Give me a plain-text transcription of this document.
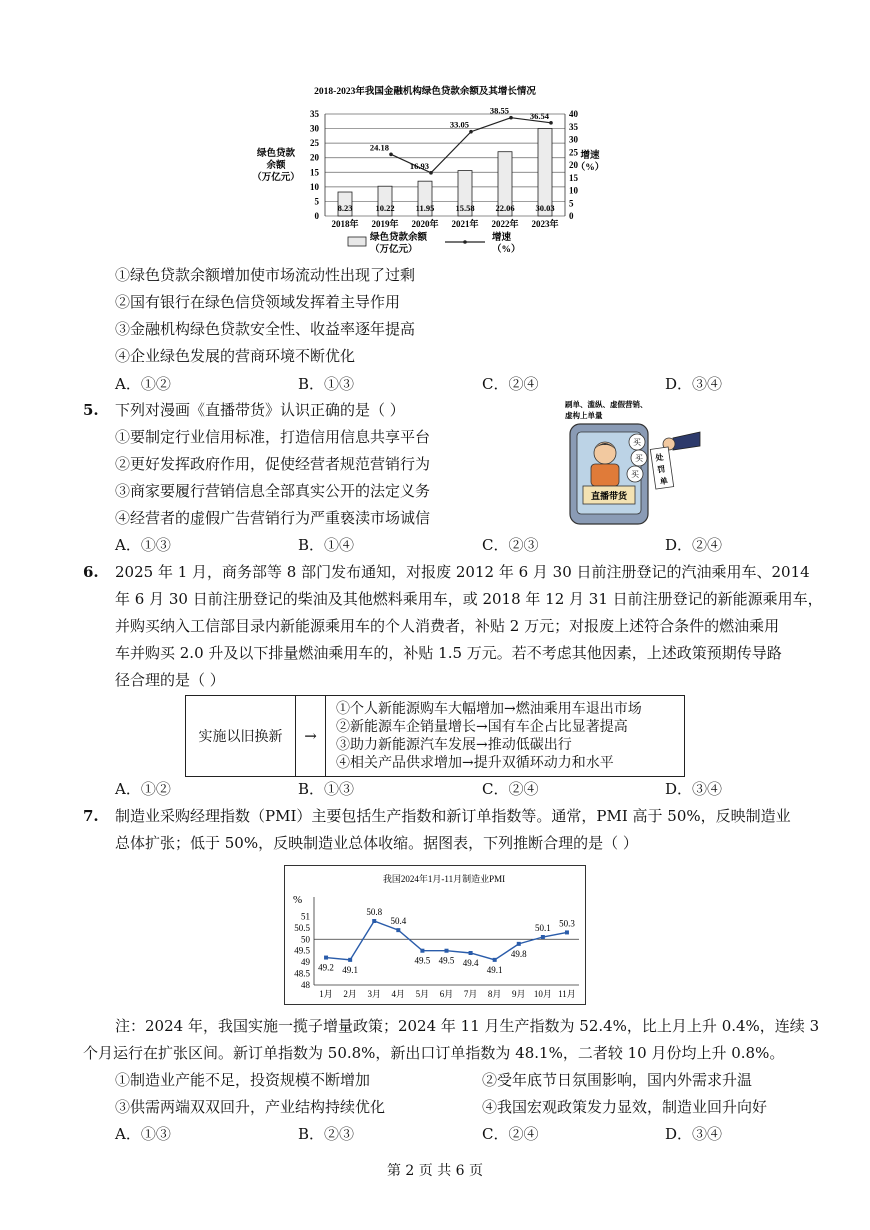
2018-2023年我国金融机构绿色贷款余额及其增长情况
8.23	10.22 11.95 15.58 22.06 30.03
24.18
16.93
33.05
38.55
36.54
0
5
10
15
20
25
30
35
0
5
10
15
20
25
30
35
40
2018年 2019年 2020年 2021年 2022年 2023年
绿色贷款
余额
（万亿元）
增速
（%）
绿色贷款余额
（万亿元）
增速
（%）
①绿色贷款余额增加使市场流动性出现了过剩
②国有银行在绿色信贷领域发挥着主导作用
③金融机构绿色贷款安全性、收益率逐年提高
④企业绿色发展的营商环境不断优化
A．①②	B．①③	C．②④	D．③④
5. 下列对漫画《直播带货》认识正确的是（ ）
①要制定行业信用标准，打造信用信息共享平台
②更好发挥政府作用，促使经营者规范营销行为
③商家要履行营销信息全部真实公开的法定义务
④经营者的虚假广告营销行为严重亵渎市场诚信
A．①③	B．①④	C．②③	D．②④
刷单、滥纵、虚假营销、
虚构上单量
直播带货
买
买
买
处 罚 单
6. 2025 年 1 月，商务部等 8 部门发布通知，对报废 2012 年 6 月 30 日前注册登记的汽油乘用车、2014
年 6 月 30 日前注册登记的柴油及其他燃料乘用车，或 2018 年 12 月 31 日前注册登记的新能源乘用车，
并购买纳入工信部目录内新能源乘用车的个人消费者，补贴 2 万元；对报废上述符合条件的燃油乘用
车并购买 2.0 升及以下排量燃油乘用车的，补贴 1.5 万元。若不考虑其他因素，上述政策预期传导路
径合理的是（ ）
实施以旧换新	→
①个人新能源购车大幅增加→燃油乘用车退出市场
②新能源车企销量增长→国有车企占比显著提高
③助力新能源汽车发展→推动低碳出行
④相关产品供求增加→提升双循环动力和水平
A．①②	B．①③	C．②④	D．③④
7. 制造业采购经理指数（PMI）主要包括生产指数和新订单指数等。通常，PMI 高于 50%，反映制造业
总体扩张；低于 50%，反映制造业总体收缩。据图表，下列推断合理的是（ ）
我国2024年1月-11月制造业PMI
%
51
50.5
50
49.5
49
48.5
48
1月 2月 3月 4月 5月 6月 7月 8月 9月 10月 11月
49.2 49.1
50.8
50.4
49.5 49.5 49.4
49.1
49.8
50.1 50.3
注：2024 年，我国实施一揽子增量政策；2024 年 11 月生产指数为 52.4%，比上月上升 0.4%，连续 3
个月运行在扩张区间。新订单指数为 50.8%，新出口订单指数为 48.1%，二者较 10 月份均上升 0.8%。
①制造业产能不足，投资规模不断增加	②受年底节日氛围影响，国内外需求升温
③供需两端双双回升，产业结构持续优化	④我国宏观政策发力显效，制造业回升向好
A．①③	B．②③	C．②④	D．③④
第 2 页 共 6 页
